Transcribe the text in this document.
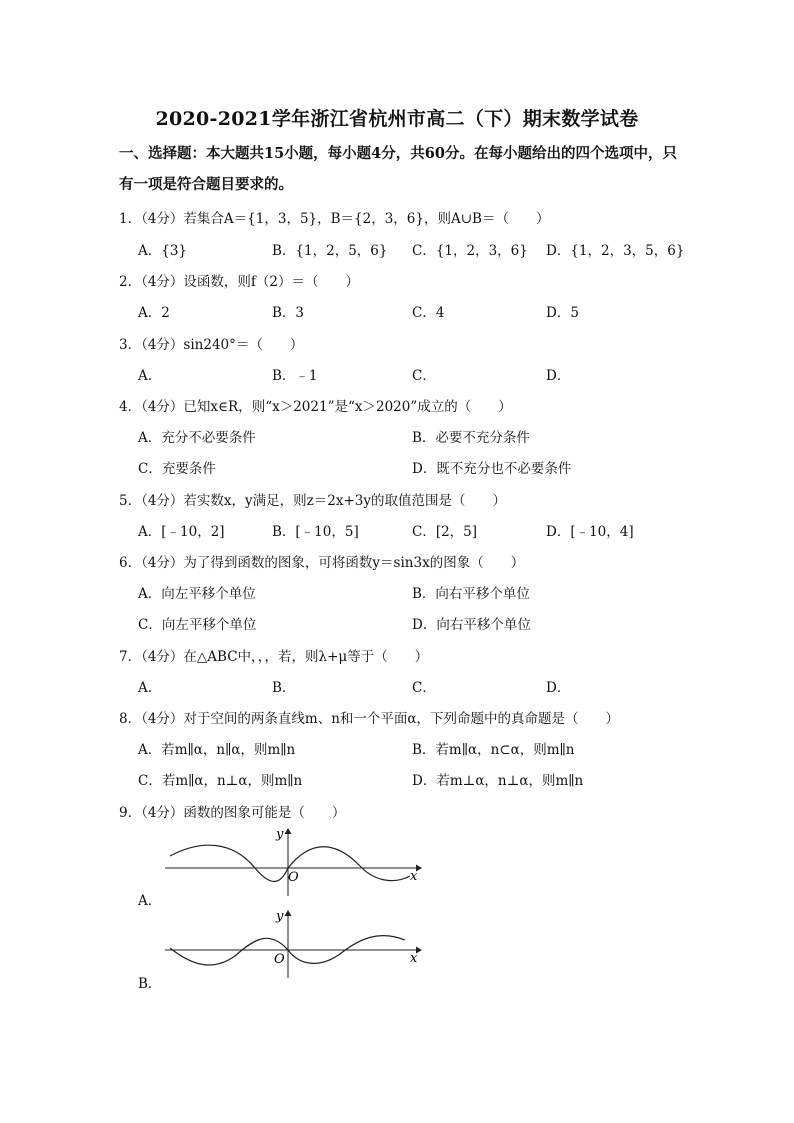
2020-2021学年浙江省杭州市高二（下）期末数学试卷
一、选择题：本大题共15小题，每小题4分，共60分。在每小题给出的四个选项中，只
有一项是符合题目要求的。
1．（4分）若集合A＝{1，3，5}，B＝{2，3，6}，则A∪B＝（　　）
A．{3}	B．{1，2，5，6} C．{1，2，3，6} D．{1，2，3，5，6}
2．（4分）设函数，则f（2）＝（　　）
A．2	B．3	C．4	D．5
3．（4分）sin240°＝（　　）
A．	B．﹣1	C．	D．
4．（4分）已知x∈R，则“x＞2021”是“x＞2020”成立的（　　）
A．充分不必要条件	B．必要不充分条件
C．充要条件	D．既不充分也不必要条件
5．（4分）若实数x，y满足，则z＝2x+3y的取值范围是（　　）
A．[﹣10，2]	B．[﹣10，5]	C．[2，5]	D．[﹣10，4]
6．（4分）为了得到函数的图象，可将函数y＝sin3x的图象（　　）
A．向左平移个单位	B．向右平移个单位
C．向左平移个单位	D．向右平移个单位
7．（4分）在△ABC中，，，若，则λ+μ等于（　　）
A．	B．	C．	D．
8．（4分）对于空间的两条直线m、n和一个平面α，下列命题中的真命题是（　　）
A．若m∥α，n∥α，则m∥n	B．若m∥α，n⊂α，则m∥n
C．若m∥α，n⊥α，则m∥n	D．若m⊥α，n⊥α，则m∥n
9．（4分）函数的图象可能是（　　）
y
x
O
A．
y
x
O
B．
